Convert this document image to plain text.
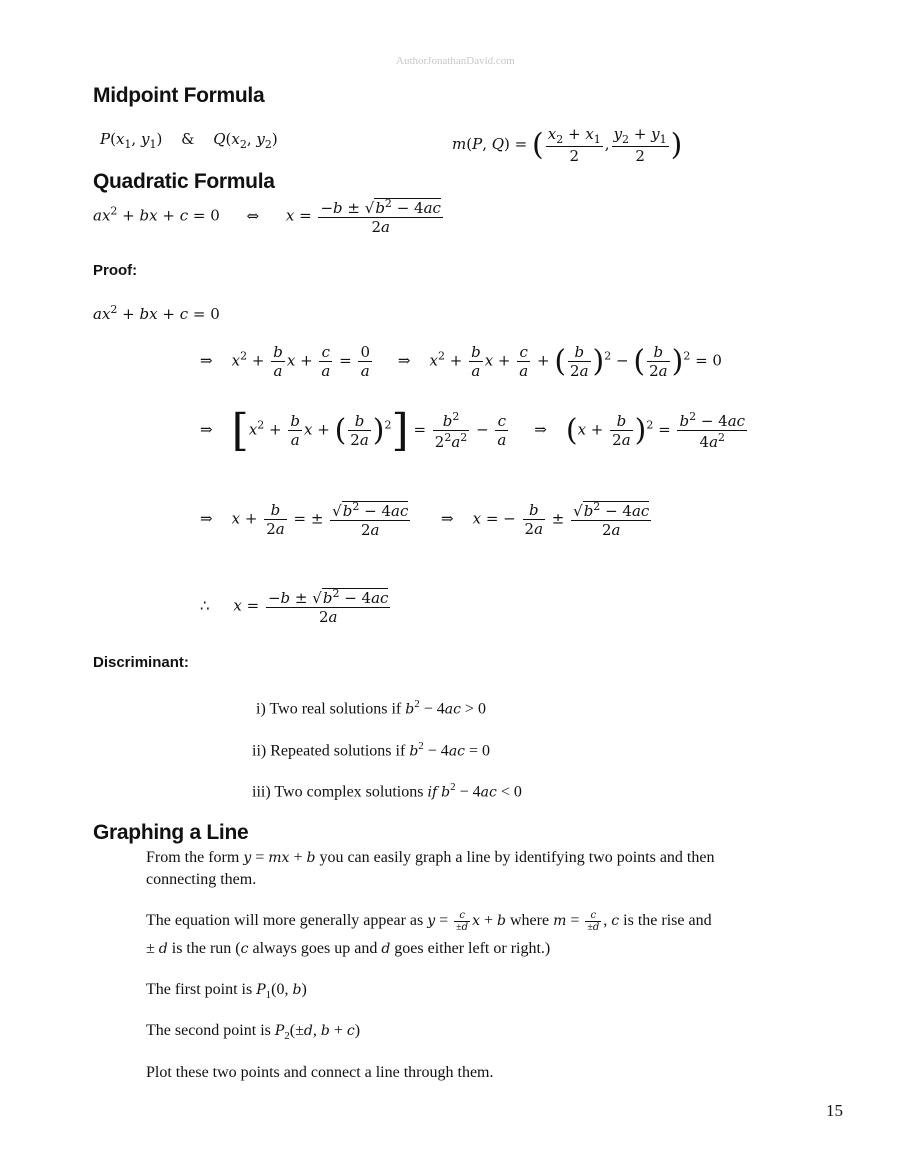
AuthorJonathanDavid.com
Midpoint Formula
$P(x_1$, $y_1$) & $Q(x_2$, $y_2$)	m(P, Q) = ( $\frac{x_2 + x_1}{2}$ , $\frac{y_2 + y_1}{2}$ )
Quadratic Formula
$ax^2$ + bx + c = 0 ⇔ $x = \frac{-b \pm √b^2 - 4ac}{2a}$
Proof:
$ax^2$ + bx + c = 0
⇒    $x^2 + \frac{b}{a}$ $x + \frac{c}{a} = \frac{0}{a}$ ⇒    $x^2 + \frac{b}{a}$ $x + \frac{c}{a}$ + ( $\frac{b}{2a} )^2$ − ( $\frac{b}{2a} )^2 = 0$
⇒    [$x^2 + \frac{b}{a}$ x + ( $\frac{b}{2a} )^2] = \frac{b^2}{2^2a^2} - \frac{c}{a}$ ⇒    $(x + \frac{b}{2a} )^2 = \frac{b^2 - 4ac}{4a^2}$
⇒    $x + \frac{b}{2a}$ = ± $\frac{√b^2 - 4ac}{2a}$ ⇒    x = − $\frac{b}{2a} \pm \frac{√b^2 - 4ac}{2a}$
∴ $x = \frac{-b \pm √b^2 - 4ac}{2a}$
Discriminant:
i) Two real solutions if $b^2 - 4ac > 0$
ii) Repeated solutions if $b^2 - 4ac = 0$
iii) Two complex solutions if $b^2 - 4ac < 0$
Graphing a Line
From the form y = mx + b you can easily graph a line by identifying two points and then
connecting them.
The equation will more generally appear as $y = \frac{c}{\pm d}$ x + b where $m = \frac{c}{\pm d}$ , c is the rise and
± d is the run (c always goes up and d goes either left or right.)
The first point is $P_1(0$, b)
The second point is $P_2(\pm d$, b + c)
Plot these two points and connect a line through them.
15
